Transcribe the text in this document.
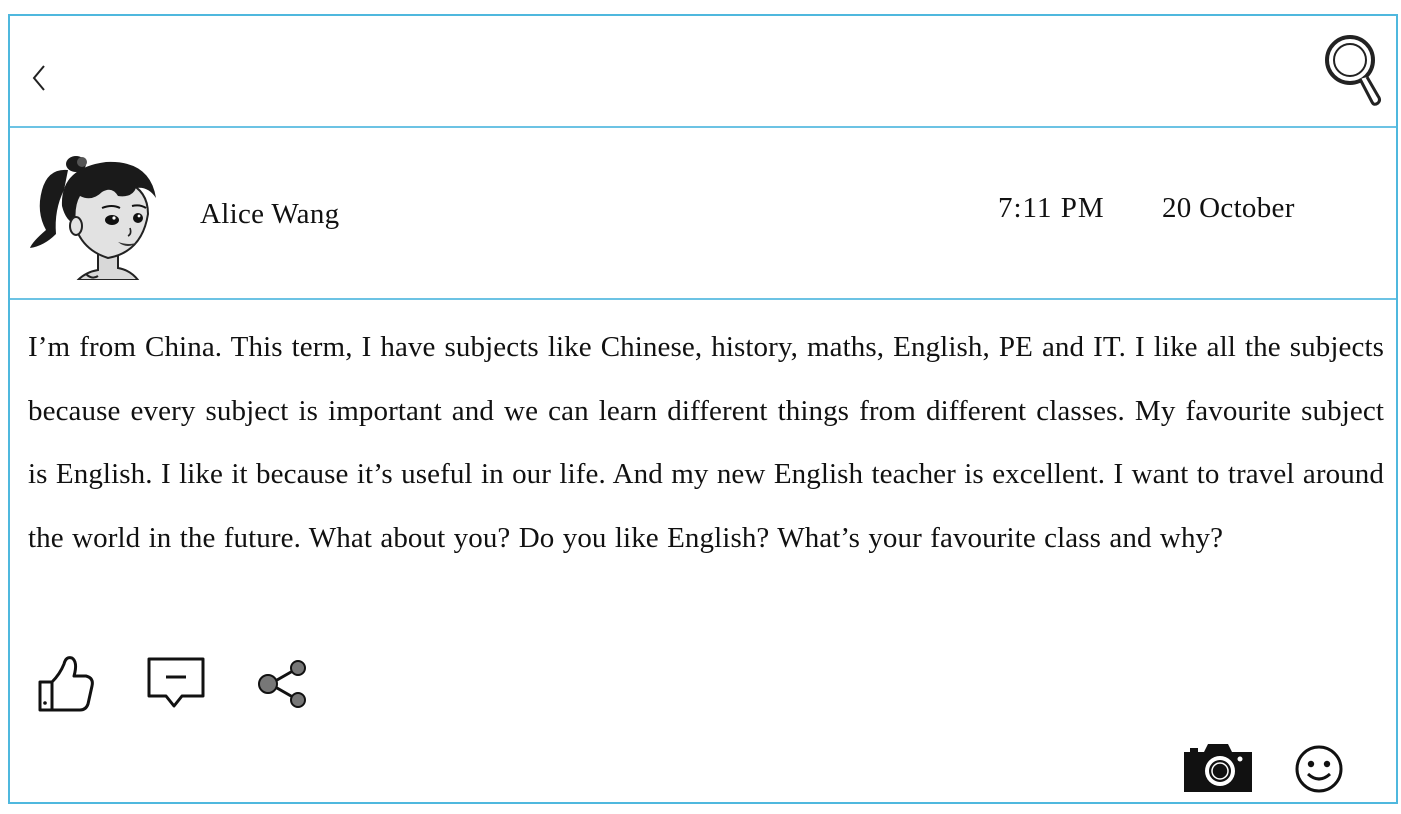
Alice Wang	7:11 PM 20 October

I’m from China. This term, I have subjects like Chinese, history, maths, English, PE and IT. I like all the subjects because every subject is important and we can learn different things from different classes. My favourite subject is English. I like it because it’s useful in our life. And my new English teacher is excellent. I want to travel around the world in the future. What about you? Do you like English? What’s your favourite class and why?
